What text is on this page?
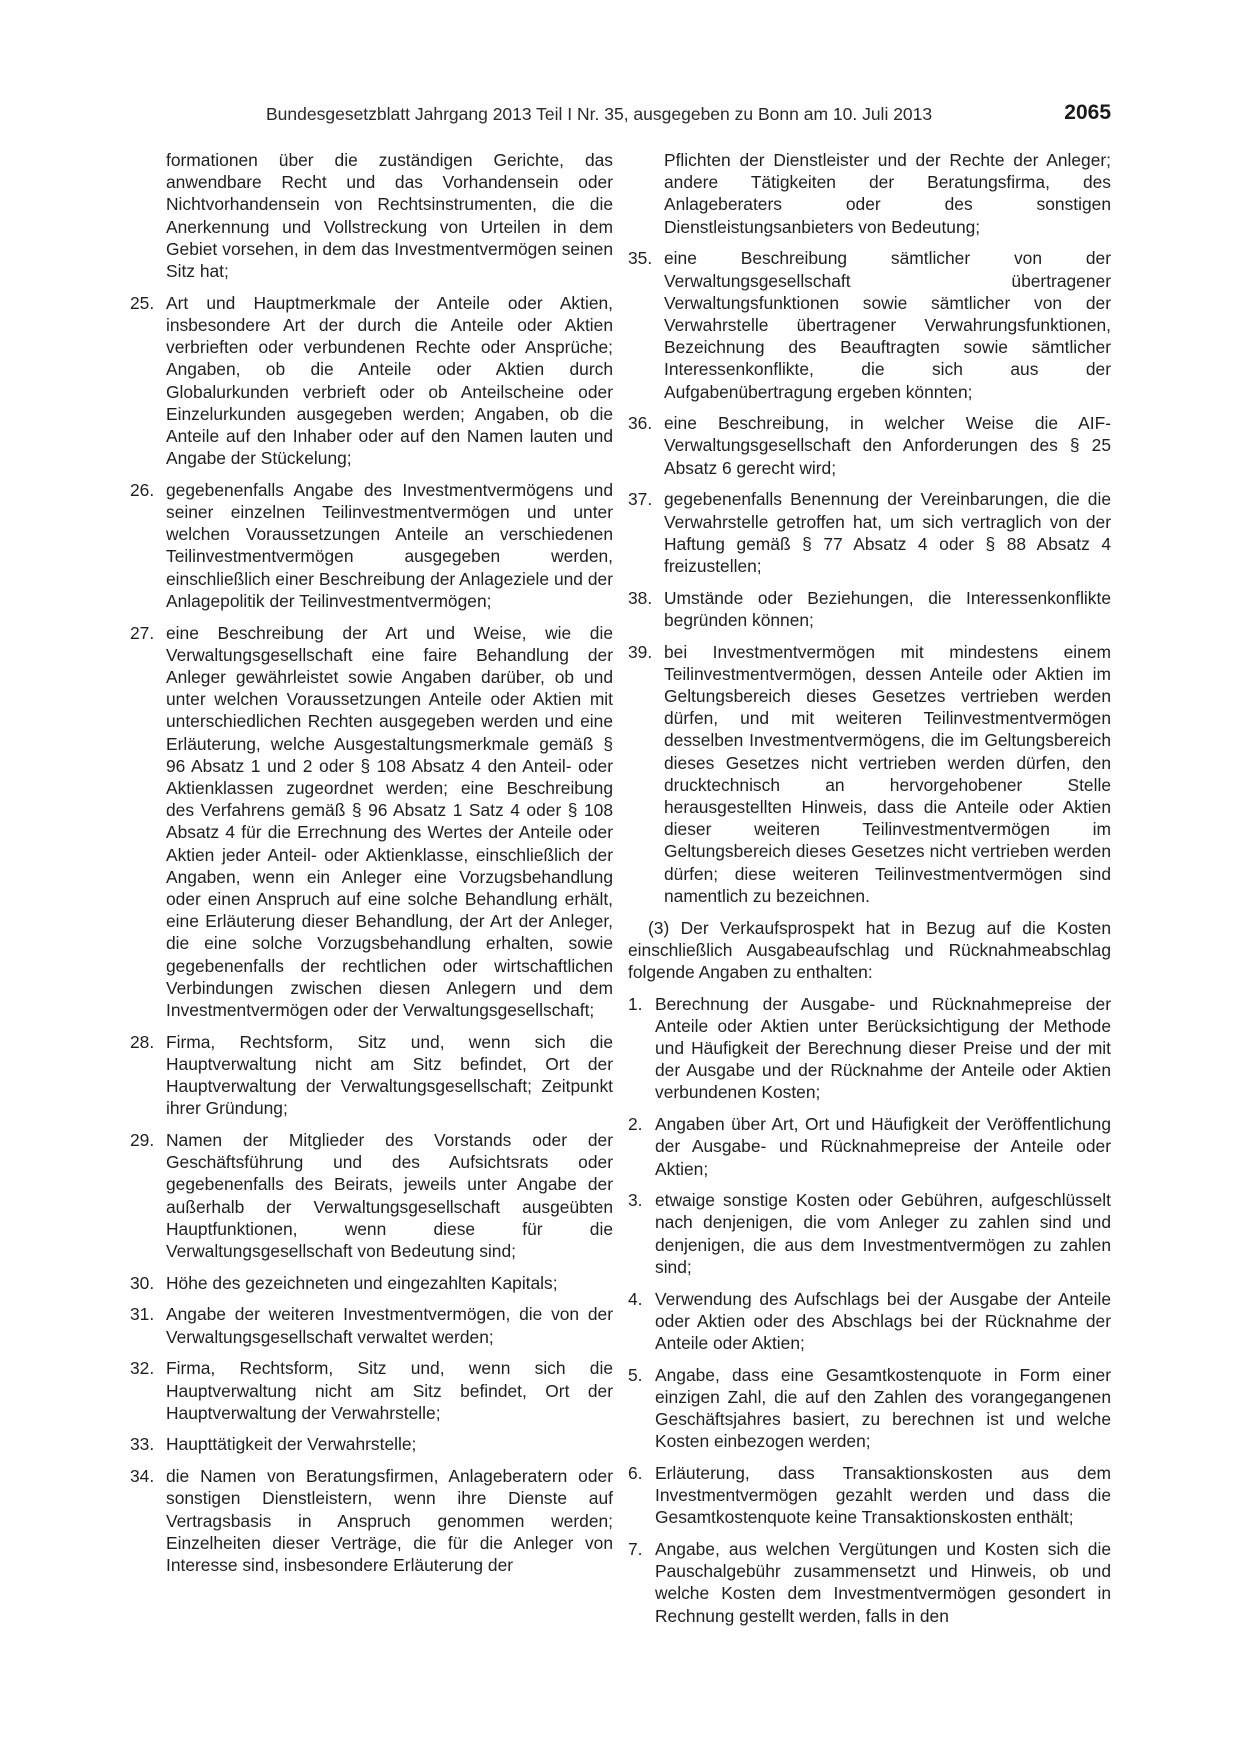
Bundesgesetzblatt Jahrgang 2013 Teil I Nr. 35, ausgegeben zu Bonn am 10. Juli 2013	2065

formationen über die zuständigen Gerichte, das anwendbare Recht und das Vorhandensein oder Nichtvorhandensein von Rechtsinstrumenten, die die Anerkennung und Vollstreckung von Urteilen in dem Gebiet vorsehen, in dem das Investmentvermögen seinen Sitz hat;

25. Art und Hauptmerkmale der Anteile oder Aktien, insbesondere Art der durch die Anteile oder Aktien verbrieften oder verbundenen Rechte oder Ansprüche; Angaben, ob die Anteile oder Aktien durch Globalurkunden verbrieft oder ob Anteilscheine oder Einzelurkunden ausgegeben werden; Angaben, ob die Anteile auf den Inhaber oder auf den Namen lauten und Angabe der Stückelung;
26. gegebenenfalls Angabe des Investmentvermögens und seiner einzelnen Teilinvestmentvermögen und unter welchen Voraussetzungen Anteile an verschiedenen Teilinvestmentvermögen ausgegeben werden, einschließlich einer Beschreibung der Anlageziele und der Anlagepolitik der Teilinvestmentvermögen;
27. eine Beschreibung der Art und Weise, wie die Verwaltungsgesellschaft eine faire Behandlung der Anleger gewährleistet sowie Angaben darüber, ob und unter welchen Voraussetzungen Anteile oder Aktien mit unterschiedlichen Rechten ausgegeben werden und eine Erläuterung, welche Ausgestaltungsmerkmale gemäß § 96 Absatz 1 und 2 oder § 108 Absatz 4 den Anteil- oder Aktienklassen zugeordnet werden; eine Beschreibung des Verfahrens gemäß § 96 Absatz 1 Satz 4 oder § 108 Absatz 4 für die Errechnung des Wertes der Anteile oder Aktien jeder Anteil- oder Aktienklasse, einschließlich der Angaben, wenn ein Anleger eine Vorzugsbehandlung oder einen Anspruch auf eine solche Behandlung erhält, eine Erläuterung dieser Behandlung, der Art der Anleger, die eine solche Vorzugsbehandlung erhalten, sowie gegebenenfalls der rechtlichen oder wirtschaftlichen Verbindungen zwischen diesen Anlegern und dem Investmentvermögen oder der Verwaltungsgesellschaft;
28. Firma, Rechtsform, Sitz und, wenn sich die Hauptverwaltung nicht am Sitz befindet, Ort der Hauptverwaltung der Verwaltungsgesellschaft; Zeitpunkt ihrer Gründung;
29. Namen der Mitglieder des Vorstands oder der Geschäftsführung und des Aufsichtsrats oder gegebenenfalls des Beirats, jeweils unter Angabe der außerhalb der Verwaltungsgesellschaft ausgeübten Hauptfunktionen, wenn diese für die Verwaltungsgesellschaft von Bedeutung sind;
30. Höhe des gezeichneten und eingezahlten Kapitals;
31. Angabe der weiteren Investmentvermögen, die von der Verwaltungsgesellschaft verwaltet werden;
32. Firma, Rechtsform, Sitz und, wenn sich die Hauptverwaltung nicht am Sitz befindet, Ort der Hauptverwaltung der Verwahrstelle;
33. Haupttätigkeit der Verwahrstelle;
34. die Namen von Beratungsfirmen, Anlageberatern oder sonstigen Dienstleistern, wenn ihre Dienste auf Vertragsbasis in Anspruch genommen werden; Einzelheiten dieser Verträge, die für die Anleger von Interesse sind, insbesondere Erläuterung der

Pflichten der Dienstleister und der Rechte der Anleger; andere Tätigkeiten der Beratungsfirma, des Anlageberaters oder des sonstigen Dienstleistungsanbieters von Bedeutung;

35. eine Beschreibung sämtlicher von der Verwaltungsgesellschaft übertragener Verwaltungsfunktionen sowie sämtlicher von der Verwahrstelle übertragener Verwahrungsfunktionen, Bezeichnung des Beauftragten sowie sämtlicher Interessenkonflikte, die sich aus der Aufgabenübertragung ergeben könnten;
36. eine Beschreibung, in welcher Weise die AIF-Verwaltungsgesellschaft den Anforderungen des § 25 Absatz 6 gerecht wird;
37. gegebenenfalls Benennung der Vereinbarungen, die die Verwahrstelle getroffen hat, um sich vertraglich von der Haftung gemäß § 77 Absatz 4 oder § 88 Absatz 4 freizustellen;
38. Umstände oder Beziehungen, die Interessenkonflikte begründen können;
39. bei Investmentvermögen mit mindestens einem Teilinvestmentvermögen, dessen Anteile oder Aktien im Geltungsbereich dieses Gesetzes vertrieben werden dürfen, und mit weiteren Teilinvestmentvermögen desselben Investmentvermögens, die im Geltungsbereich dieses Gesetzes nicht vertrieben werden dürfen, den drucktechnisch an hervorgehobener Stelle herausgestellten Hinweis, dass die Anteile oder Aktien dieser weiteren Teilinvestmentvermögen im Geltungsbereich dieses Gesetzes nicht vertrieben werden dürfen; diese weiteren Teilinvestmentvermögen sind namentlich zu bezeichnen.

(3) Der Verkaufsprospekt hat in Bezug auf die Kosten einschließlich Ausgabeaufschlag und Rücknahmeabschlag folgende Angaben zu enthalten:

1. Berechnung der Ausgabe- und Rücknahmepreise der Anteile oder Aktien unter Berücksichtigung der Methode und Häufigkeit der Berechnung dieser Preise und der mit der Ausgabe und der Rücknahme der Anteile oder Aktien verbundenen Kosten;
2. Angaben über Art, Ort und Häufigkeit der Veröffentlichung der Ausgabe- und Rücknahmepreise der Anteile oder Aktien;
3. etwaige sonstige Kosten oder Gebühren, aufgeschlüsselt nach denjenigen, die vom Anleger zu zahlen sind und denjenigen, die aus dem Investmentvermögen zu zahlen sind;
4. Verwendung des Aufschlags bei der Ausgabe der Anteile oder Aktien oder des Abschlags bei der Rücknahme der Anteile oder Aktien;
5. Angabe, dass eine Gesamtkostenquote in Form einer einzigen Zahl, die auf den Zahlen des vorangegangenen Geschäftsjahres basiert, zu berechnen ist und welche Kosten einbezogen werden;
6. Erläuterung, dass Transaktionskosten aus dem Investmentvermögen gezahlt werden und dass die Gesamtkostenquote keine Transaktionskosten enthält;
7. Angabe, aus welchen Vergütungen und Kosten sich die Pauschalgebühr zusammensetzt und Hinweis, ob und welche Kosten dem Investmentvermögen gesondert in Rechnung gestellt werden, falls in den
